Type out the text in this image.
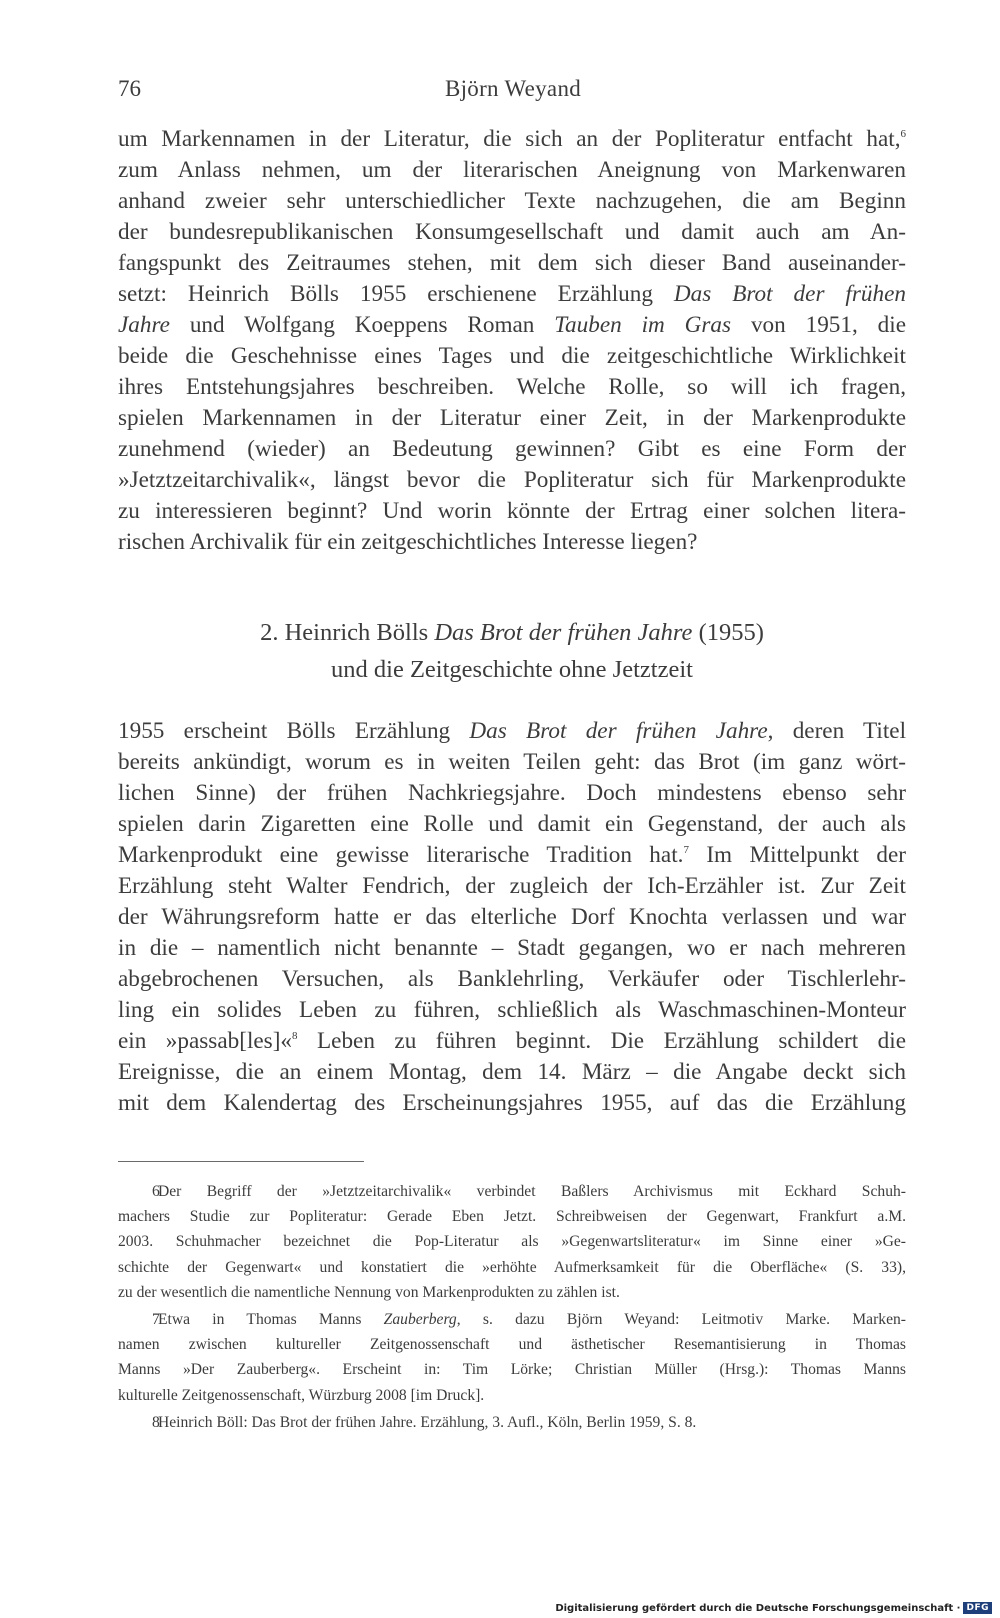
76	Björn Weyand
um Markennamen in der Literatur, die sich an der Popliteratur entfacht hat,$^6$
zum Anlass nehmen, um der literarischen Aneignung von Markenwaren
anhand zweier sehr unterschiedlicher Texte nachzugehen, die am Beginn
der bundesrepublikanischen Konsumgesellschaft und damit auch am An-
fangspunkt des Zeitraumes stehen, mit dem sich dieser Band auseinander-
setzt: Heinrich Bölls 1955 erschienene Erzählung Das Brot der frühen
Jahre und Wolfgang Koeppens Roman Tauben im Gras von 1951, die
beide die Geschehnisse eines Tages und die zeitgeschichtliche Wirklichkeit
ihres Entstehungsjahres beschreiben. Welche Rolle, so will ich fragen,
spielen Markennamen in der Literatur einer Zeit, in der Markenprodukte
zunehmend (wieder) an Bedeutung gewinnen? Gibt es eine Form der
»Jetztzeitarchivalik«, längst bevor die Popliteratur sich für Markenprodukte
zu interessieren beginnt? Und worin könnte der Ertrag einer solchen litera-
rischen Archivalik für ein zeitgeschichtliches Interesse liegen?
2. Heinrich Bölls Das Brot der frühen Jahre (1955)
und die Zeitgeschichte ohne Jetztzeit
1955 erscheint Bölls Erzählung Das Brot der frühen Jahre, deren Titel
bereits ankündigt, worum es in weiten Teilen geht: das Brot (im ganz wört-
lichen Sinne) der frühen Nachkriegsjahre. Doch mindestens ebenso sehr
spielen darin Zigaretten eine Rolle und damit ein Gegenstand, der auch als
Markenprodukt eine gewisse literarische Tradition hat.$^7$ Im Mittelpunkt der
Erzählung steht Walter Fendrich, der zugleich der Ich-Erzähler ist. Zur Zeit
der Währungsreform hatte er das elterliche Dorf Knochta verlassen und war
in die – namentlich nicht benannte – Stadt gegangen, wo er nach mehreren
abgebrochenen Versuchen, als Banklehrling, Verkäufer oder Tischlerlehr-
ling ein solides Leben zu führen, schließlich als Waschmaschinen-Monteur
ein »passab[les]«$^8$ Leben zu führen beginnt. Die Erzählung schildert die
Ereignisse, die an einem Montag, dem 14. März – die Angabe deckt sich
mit dem Kalendertag des Erscheinungsjahres 1955, auf das die Erzählung
6Der Begriff der »Jetztzeitarchivalik« verbindet Baßlers Archivismus mit Eckhard Schuh-
machers Studie zur Popliteratur: Gerade Eben Jetzt. Schreibweisen der Gegenwart, Frankfurt a.M.
2003. Schuhmacher bezeichnet die Pop-Literatur als »Gegenwartsliteratur« im Sinne einer »Ge-
schichte der Gegenwart« und konstatiert die »erhöhte Aufmerksamkeit für die Oberfläche« (S. 33),
zu der wesentlich die namentliche Nennung von Markenprodukten zu zählen ist.
7Etwa in Thomas Manns Zauberberg, s. dazu Björn Weyand: Leitmotiv Marke. Marken-
namen zwischen kultureller Zeitgenossenschaft und ästhetischer Resemantisierung in Thomas
Manns »Der Zauberberg«. Erscheint in: Tim Lörke; Christian Müller (Hrsg.): Thomas Manns
kulturelle Zeitgenossenschaft, Würzburg 2008 [im Druck].
8Heinrich Böll: Das Brot der frühen Jahre. Erzählung, 3. Aufl., Köln, Berlin 1959, S. 8.
Digitalisierung gefördert durch die Deutsche Forschungsgemeinschaft · DFG
